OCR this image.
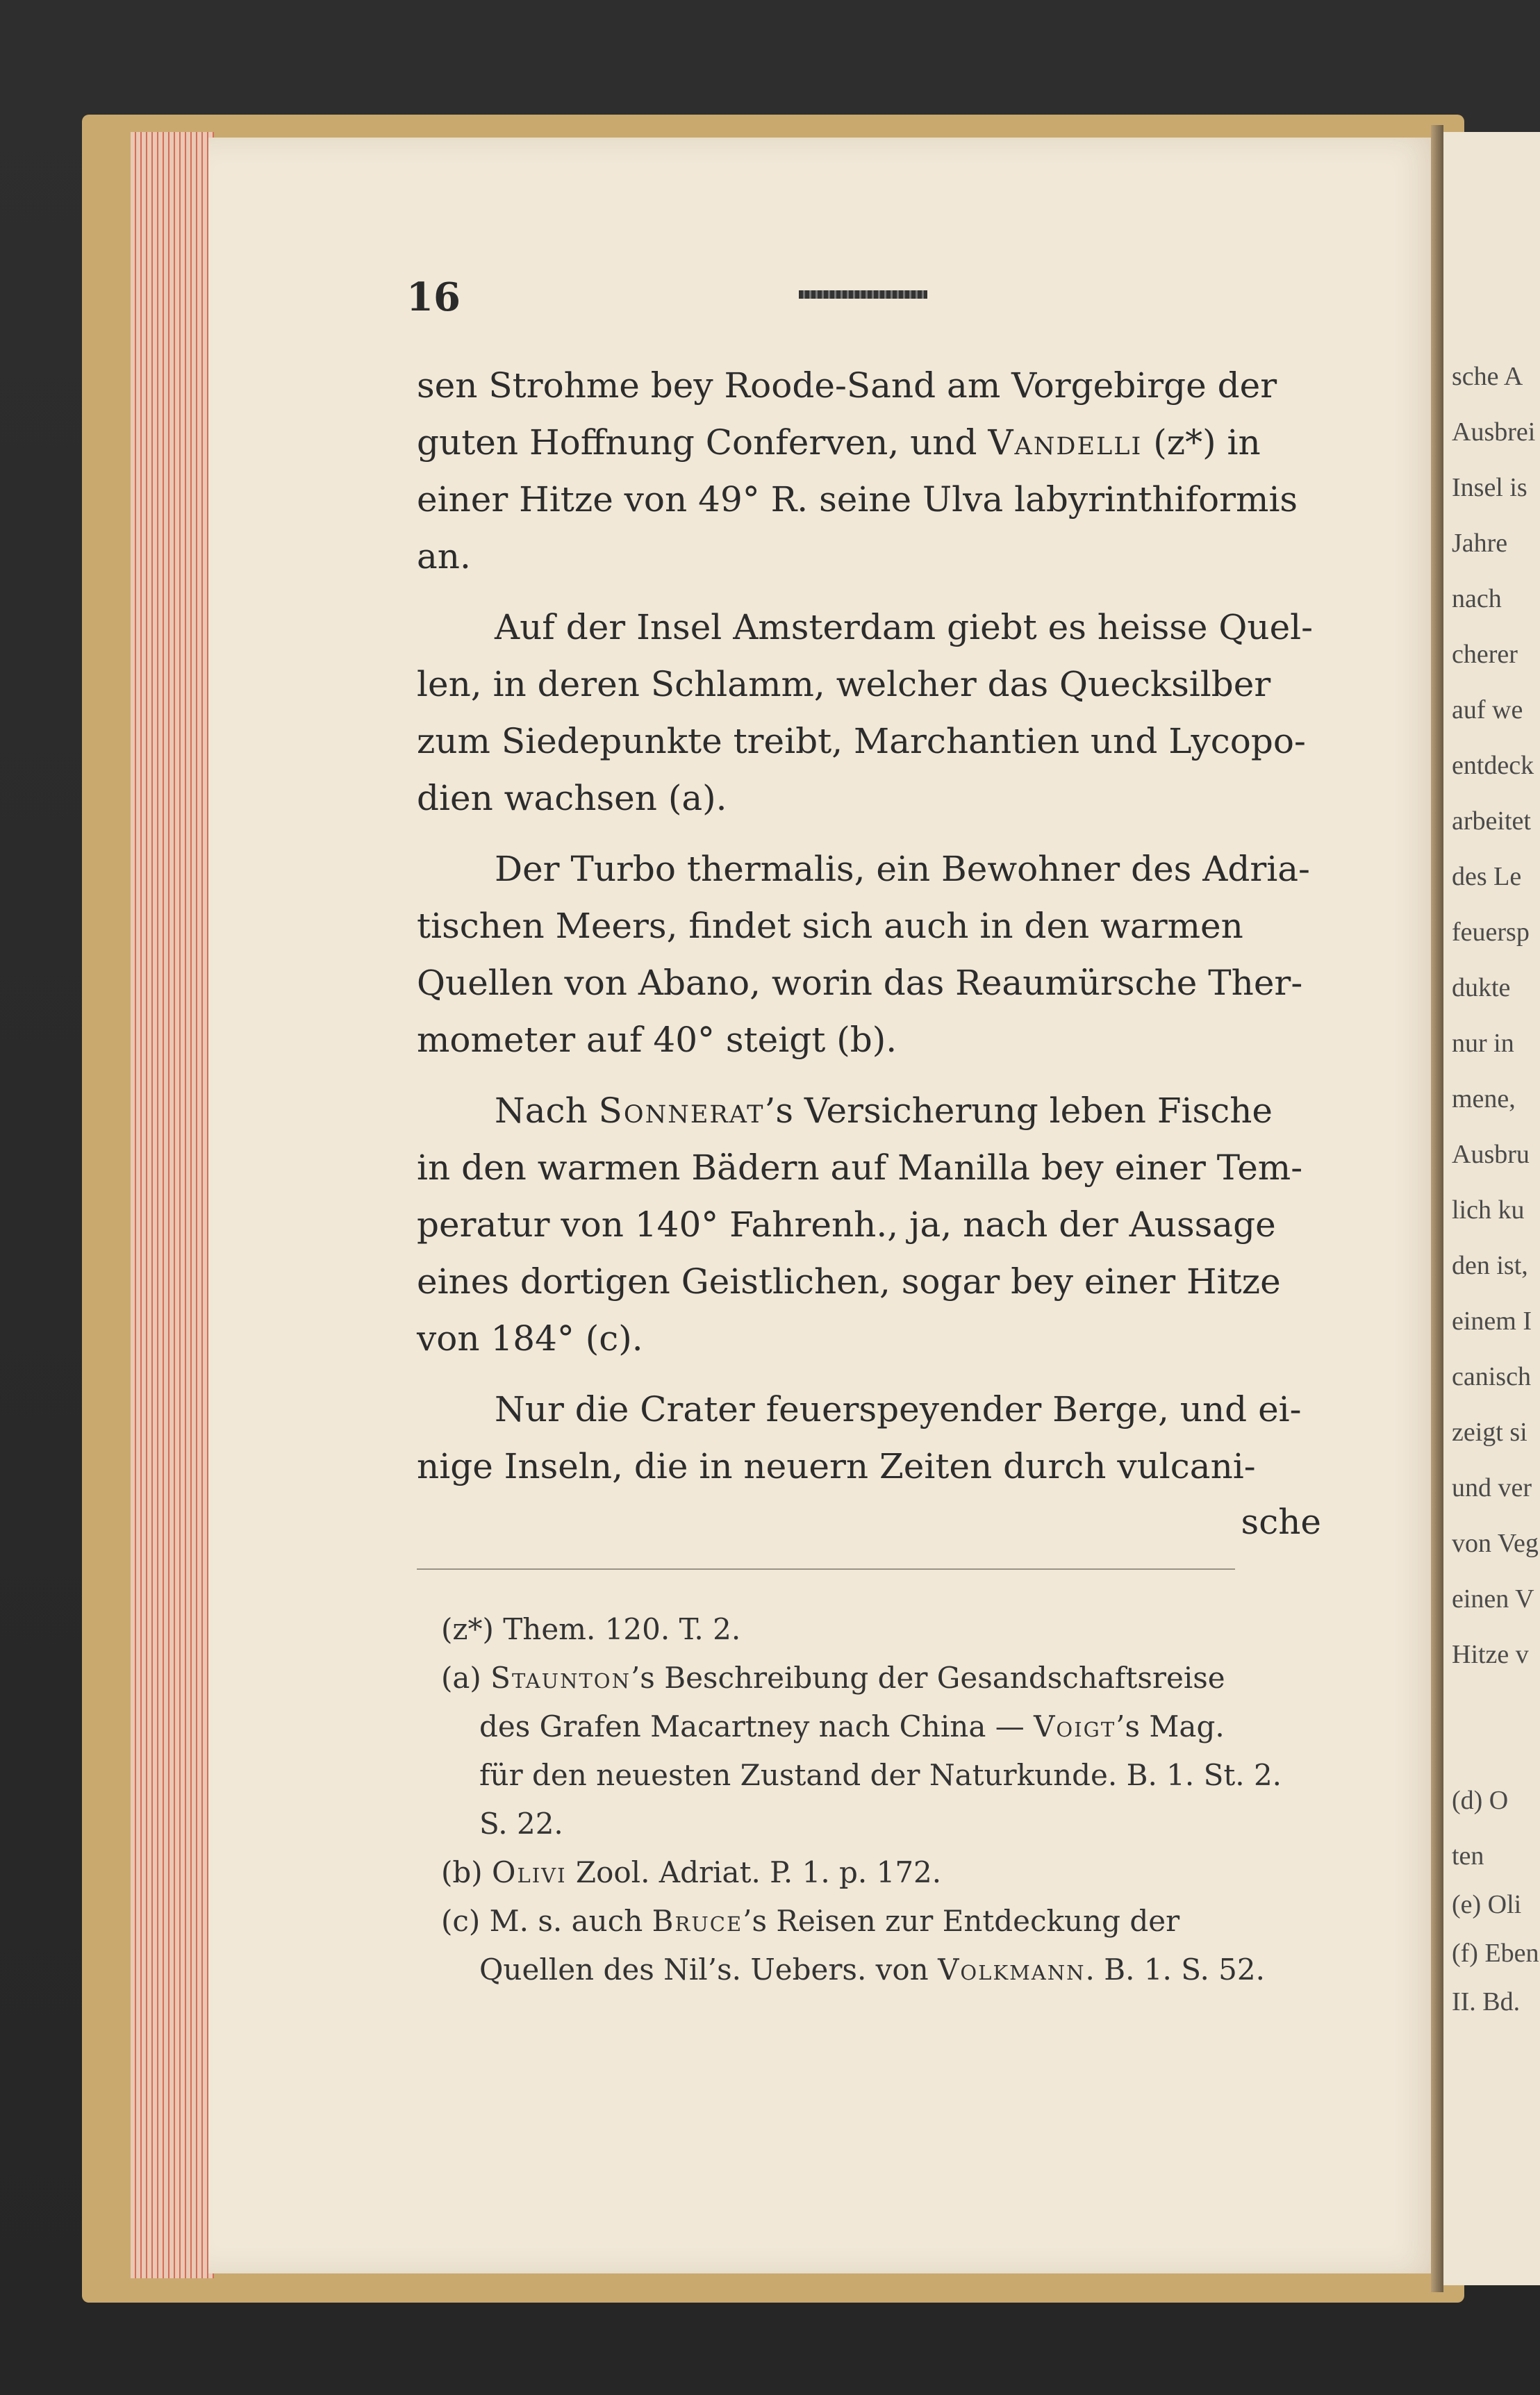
sche A
Ausbrei
Insel is
Jahre
nach
cherer
auf we
entdeck
arbeitet
des Le
feuersp
dukte
nur in
mene,
Ausbru
lich ku
den ist,
einem I
canisch
zeigt si
und ver
von Veg
einen V
Hitze v
(d) O
ten
(e) Oli
(f) Eben
II. Bd.
16
sen Strohme bey Roode-Sand am Vorgebirge der
guten Hoffnung Conferven, und Vandelli (z*) in
einer Hitze von 49° R. seine Ulva labyrinthiformis
an.
Auf der Insel Amsterdam giebt es heisse Quel-
len, in deren Schlamm, welcher das Quecksilber
zum Siedepunkte treibt, Marchantien und Lycopo-
dien wachsen (a).
Der Turbo thermalis, ein Bewohner des Adria-
tischen Meers, findet sich auch in den warmen
Quellen von Abano, worin das Reaumürsche Ther-
mometer auf 40° steigt (b).
Nach Sonnerat’s Versicherung leben Fische
in den warmen Bädern auf Manilla bey einer Tem-
peratur von 140° Fahrenh., ja, nach der Aussage
eines dortigen Geistlichen, sogar bey einer Hitze
von 184° (c).
Nur die Crater feuerspeyender Berge, und ei-
nige Inseln, die in neuern Zeiten durch vulcani-
sche
(z*) Them. 120. T. 2.
(a) Staunton’s Beschreibung der Gesandschaftsreise
des Grafen Macartney nach China — Voigt’s Mag.
für den neuesten Zustand der Naturkunde. B. 1. St. 2.
S. 22.
(b) Olivi Zool. Adriat. P. 1. p. 172.
(c) M. s. auch Bruce’s Reisen zur Entdeckung der
Quellen des Nil’s. Uebers. von Volkmann. B. 1. S. 52.
